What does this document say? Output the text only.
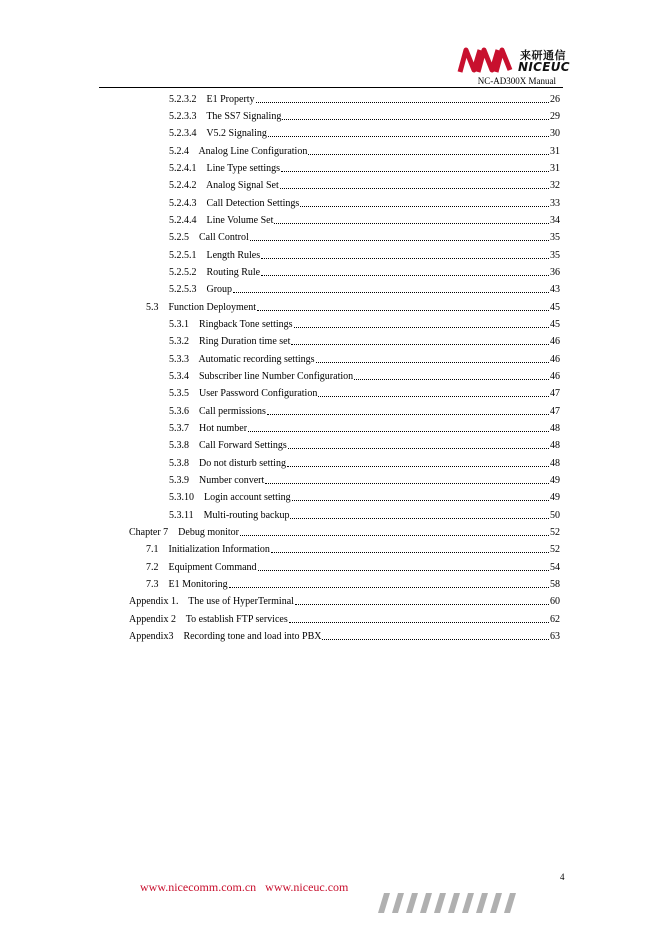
来研通信
NICEUC
NC-AD300X Manual
5.2.3.2    E1 Property	26
5.2.3.3    The SS7 Signaling	29
5.2.3.4    V5.2 Signaling	30
5.2.4    Analog Line Configuration	31
5.2.4.1    Line Type settings	31
5.2.4.2    Analog Signal Set	32
5.2.4.3    Call Detection Settings	33
5.2.4.4    Line Volume Set	34
5.2.5    Call Control	35
5.2.5.1    Length Rules	35
5.2.5.2    Routing Rule	36
5.2.5.3    Group	43
5.3    Function Deployment	45
5.3.1    Ringback Tone settings	45
5.3.2    Ring Duration time set	46
5.3.3    Automatic recording settings	46
5.3.4    Subscriber line Number Configuration	46
5.3.5    User Password Configuration	47
5.3.6    Call permissions	47
5.3.7    Hot number	48
5.3.8    Call Forward Settings	48
5.3.8    Do not disturb setting	48
5.3.9    Number convert	49
5.3.10    Login account setting	49
5.3.11    Multi-routing backup	50
Chapter 7    Debug monitor	52
7.1    Initialization Information	52
7.2    Equipment Command	54
7.3    E1 Monitoring	58
Appendix 1.    The use of HyperTerminal	60
Appendix 2    To establish FTP services	62
Appendix3    Recording tone and load into PBX	63
4
www.nicecomm.com.cn   www.niceuc.com
